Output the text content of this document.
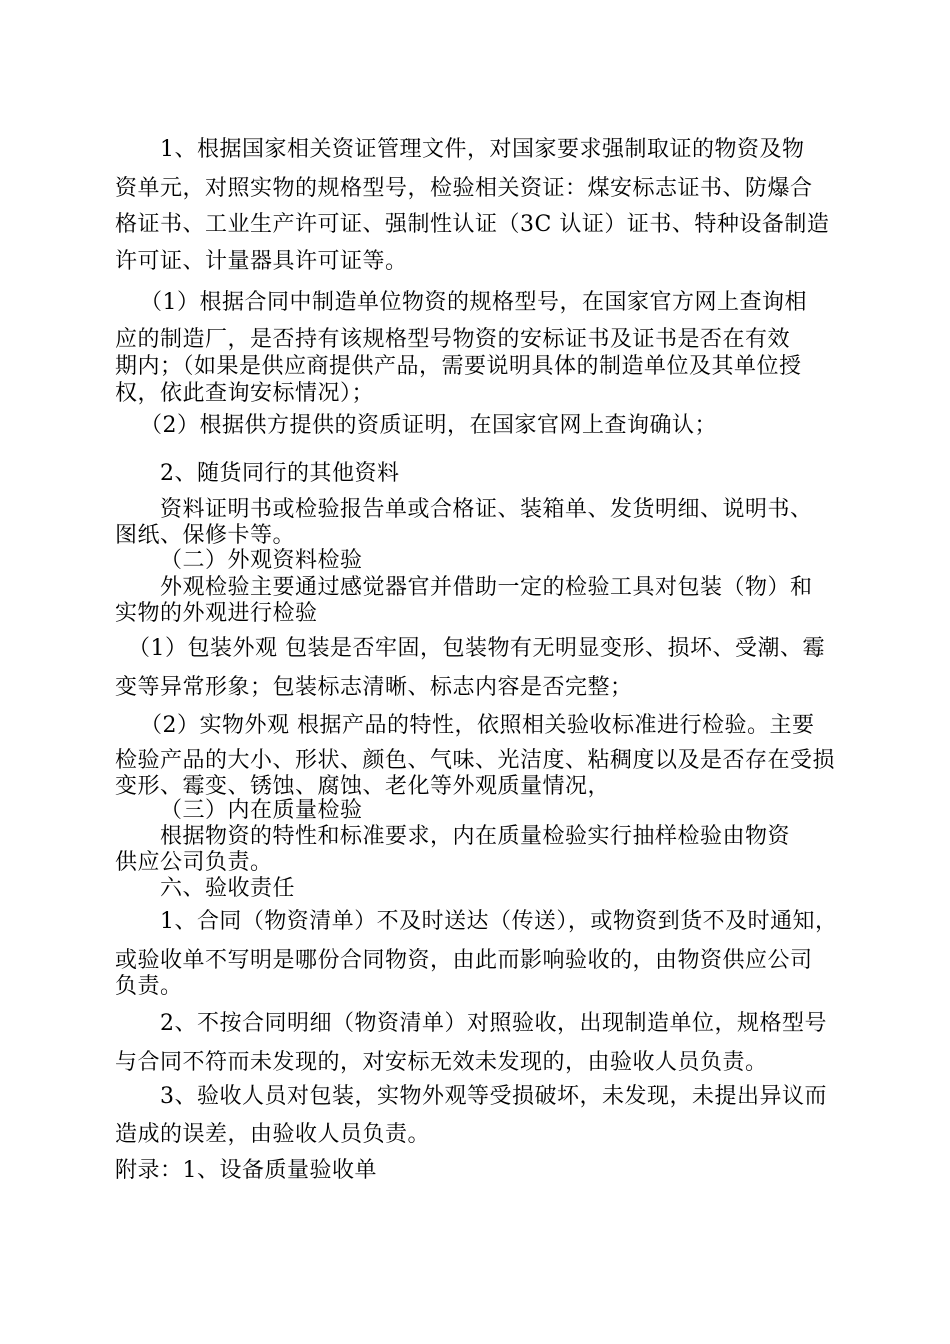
1、根据国家相关资证管理文件，对国家要求强制取证的物资及物
资单元，对照实物的规格型号，检验相关资证：煤安标志证书、防爆合
格证书、工业生产许可证、强制性认证（3C 认证）证书、特种设备制造
许可证、计量器具许可证等。
（1）根据合同中制造单位物资的规格型号，在国家官方网上查询相
应的制造厂，是否持有该规格型号物资的安标证书及证书是否在有效
期内；（如果是供应商提供产品，需要说明具体的制造单位及其单位授
权，依此查询安标情况）；
（2）根据供方提供的资质证明，在国家官网上查询确认；
2、随货同行的其他资料
资料证明书或检验报告单或合格证、装箱单、发货明细、说明书、
图纸、保修卡等。
（二）外观资料检验
外观检验主要通过感觉器官并借助一定的检验工具对包装（物）和
实物的外观进行检验
（1）包装外观 包装是否牢固，包装物有无明显变形、损坏、受潮、霉
变等异常形象；包装标志清晰、标志内容是否完整；
（2）实物外观 根据产品的特性，依照相关验收标准进行检验。主要
检验产品的大小、形状、颜色、气味、光洁度、粘稠度以及是否存在受损
变形、霉变、锈蚀、腐蚀、老化等外观质量情况，
（三）内在质量检验
根据物资的特性和标准要求，内在质量检验实行抽样检验由物资
供应公司负责。
六、验收责任
1、合同（物资清单）不及时送达（传送），或物资到货不及时通知，
或验收单不写明是哪份合同物资，由此而影响验收的，由物资供应公司
负责。
2、不按合同明细（物资清单）对照验收，出现制造单位，规格型号
与合同不符而未发现的，对安标无效未发现的，由验收人员负责。
3、验收人员对包装，实物外观等受损破坏，未发现，未提出异议而
造成的误差，由验收人员负责。
附录：1、设备质量验收单
